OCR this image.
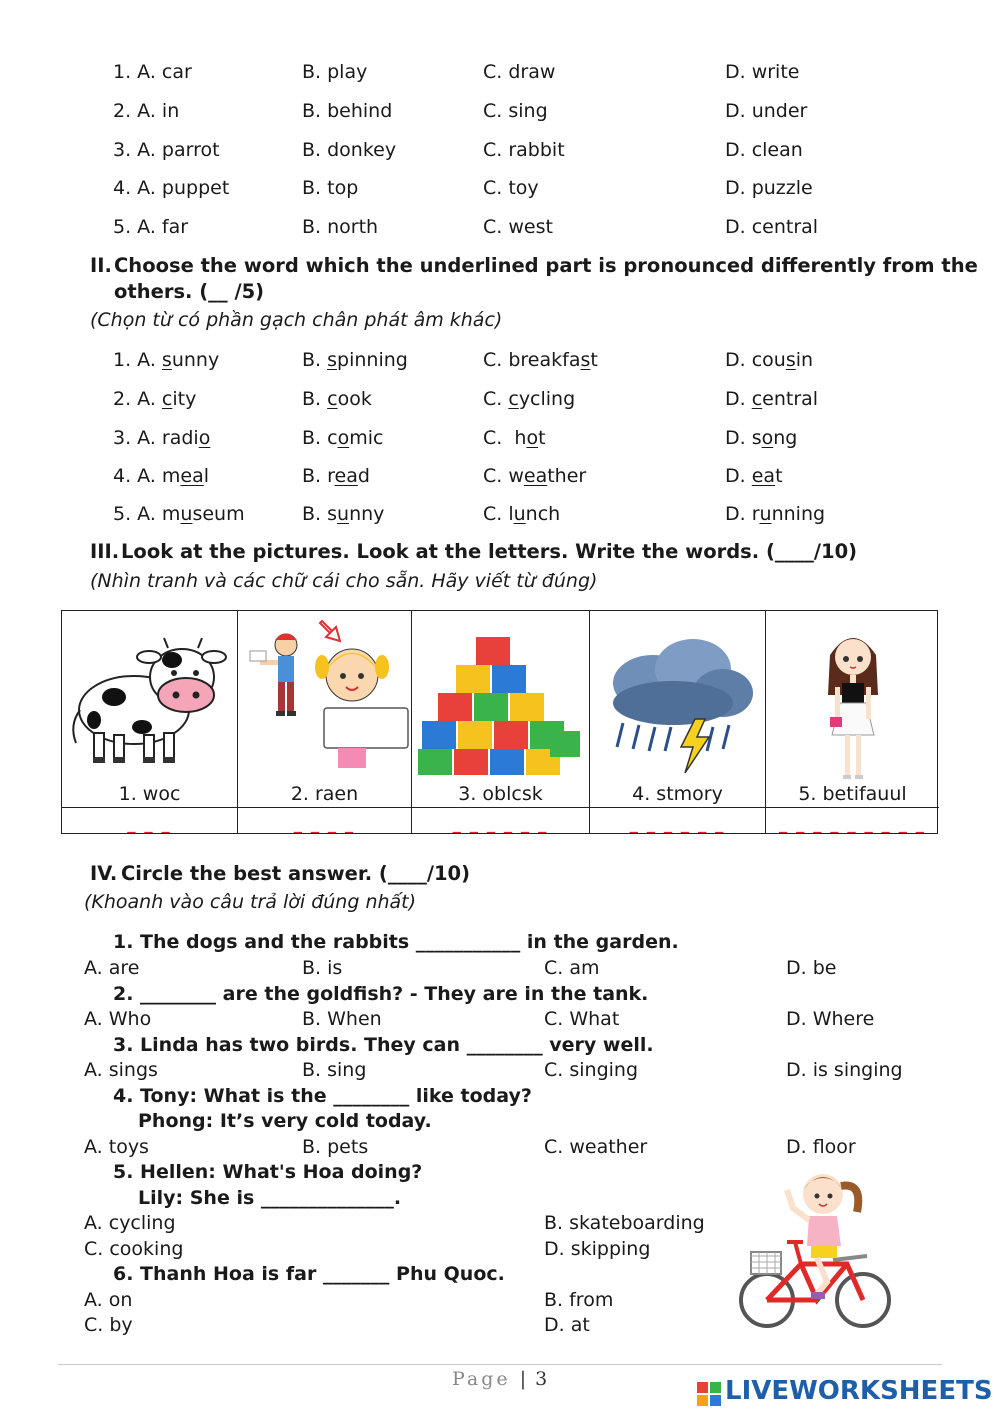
1. A. car	B. play	C. draw	D. write
2. A. in	B. behind	C. sing	D. under
3. A. parrot	B. donkey	C. rabbit	D. clean
4. A. puppet	B. top	C. toy	D. puzzle
5. A. far	B. north	C. west	D. central
II. Choose the word which the underlined part is pronounced differently from the
others. (__ /5)
(Chọn từ có phần gạch chân phát âm khác)
1. A. sunny	B. spinning	C. breakfast	D. cousin
2. A. city	B. cook	C. cycling	D. central
3. A. radio	B. comic	C.  hot	D. song
4. A. meal	B. read	C. weather	D. eat
5. A. museum	B. sunny	C. lunch	D. running
III. Look at the pictures. Look at the letters. Write the words. (____/10)
(Nhìn tranh và các chữ cái cho sẵn. Hãy viết từ đúng)
1. woc	2. raen	3. oblcsk	4. stmory	5. betifauul
_ _ _	_ _ _ _	_ _ _ _ _ _	_ _ _ _ _ _	_ _ _ _ _ _ _ _ _
IV. Circle the best answer. (____/10)
(Khoanh vào câu trả lời đúng nhất)
1. The dogs and the rabbits ___________ in the garden.
A. are	B. is	C. am	D. be
2. ________ are the goldfish? - They are in the tank.
A. Who	B. When	C. What	D. Where
3. Linda has two birds. They can ________ very well.
A. sings	B. sing	C. singing	D. is singing
4. Tony: What is the ________ like today?
Phong: It’s very cold today.
A. toys	B. pets	C. weather	D. floor
5. Hellen: What's Hoa doing?
Lily: She is ______________.
A. cycling	B. skateboarding
C. cooking	D. skipping
6. Thanh Hoa is far _______ Phu Quoc.
A. on	B. from
C. by	D. at
Page | 3	LIVEWORKSHEETS
